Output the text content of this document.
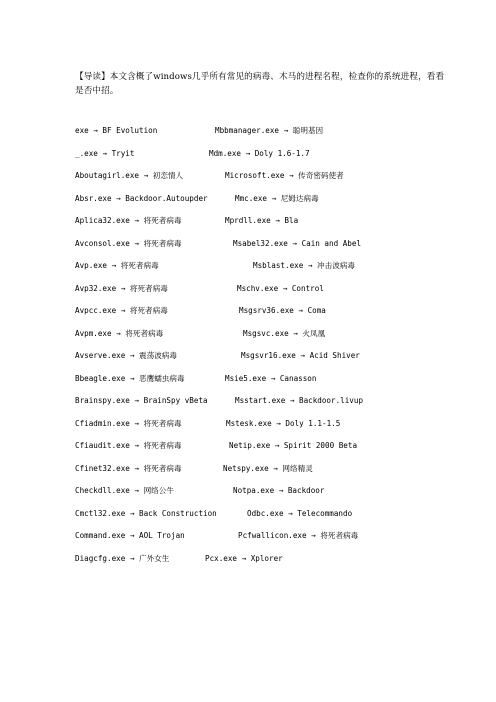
【导读】本文含概了windows几乎所有常见的病毒、木马的进程名程，检查你的系统进程，看看是否中招。
exe → BF Evolution	Mbbmanager.exe → 聪明基因
_.exe → Tryit	Mdm.exe → Doly 1.6-1.7
Aboutagirl.exe → 初恋情人	Microsoft.exe → 传奇密码使者
Absr.exe → Backdoor.Autoupder	Mmc.exe → 尼姆达病毒
Aplica32.exe → 将死者病毒	Mprdll.exe → Bla
Avconsol.exe → 将死者病毒	Msabel32.exe → Cain and Abel
Avp.exe → 将死者病毒	Msblast.exe → 冲击波病毒
Avp32.exe → 将死者病毒	Mschv.exe → Control
Avpcc.exe → 将死者病毒	Msgsrv36.exe → Coma
Avpm.exe → 将死者病毒	Msgsvc.exe → 火凤凰
Avserve.exe → 震荡波病毒	Msgsvr16.exe → Acid Shiver
Bbeagle.exe → 恶鹰蠕虫病毒	Msie5.exe → Canasson
Brainspy.exe → BrainSpy vBeta	Msstart.exe → Backdoor.livup
Cfiadmin.exe → 将死者病毒	Mstesk.exe → Doly 1.1-1.5
Cfiaudit.exe → 将死者病毒	Netip.exe → Spirit 2000 Beta
Cfinet32.exe → 将死者病毒	Netspy.exe → 网络精灵
Checkdll.exe → 网络公牛	Notpa.exe → Backdoor
Cmctl32.exe → Back Construction	Odbc.exe → Telecommando
Command.exe → AOL Trojan	Pcfwallicon.exe → 将死者病毒
Diagcfg.exe → 广外女生	Pcx.exe → Xplorer
